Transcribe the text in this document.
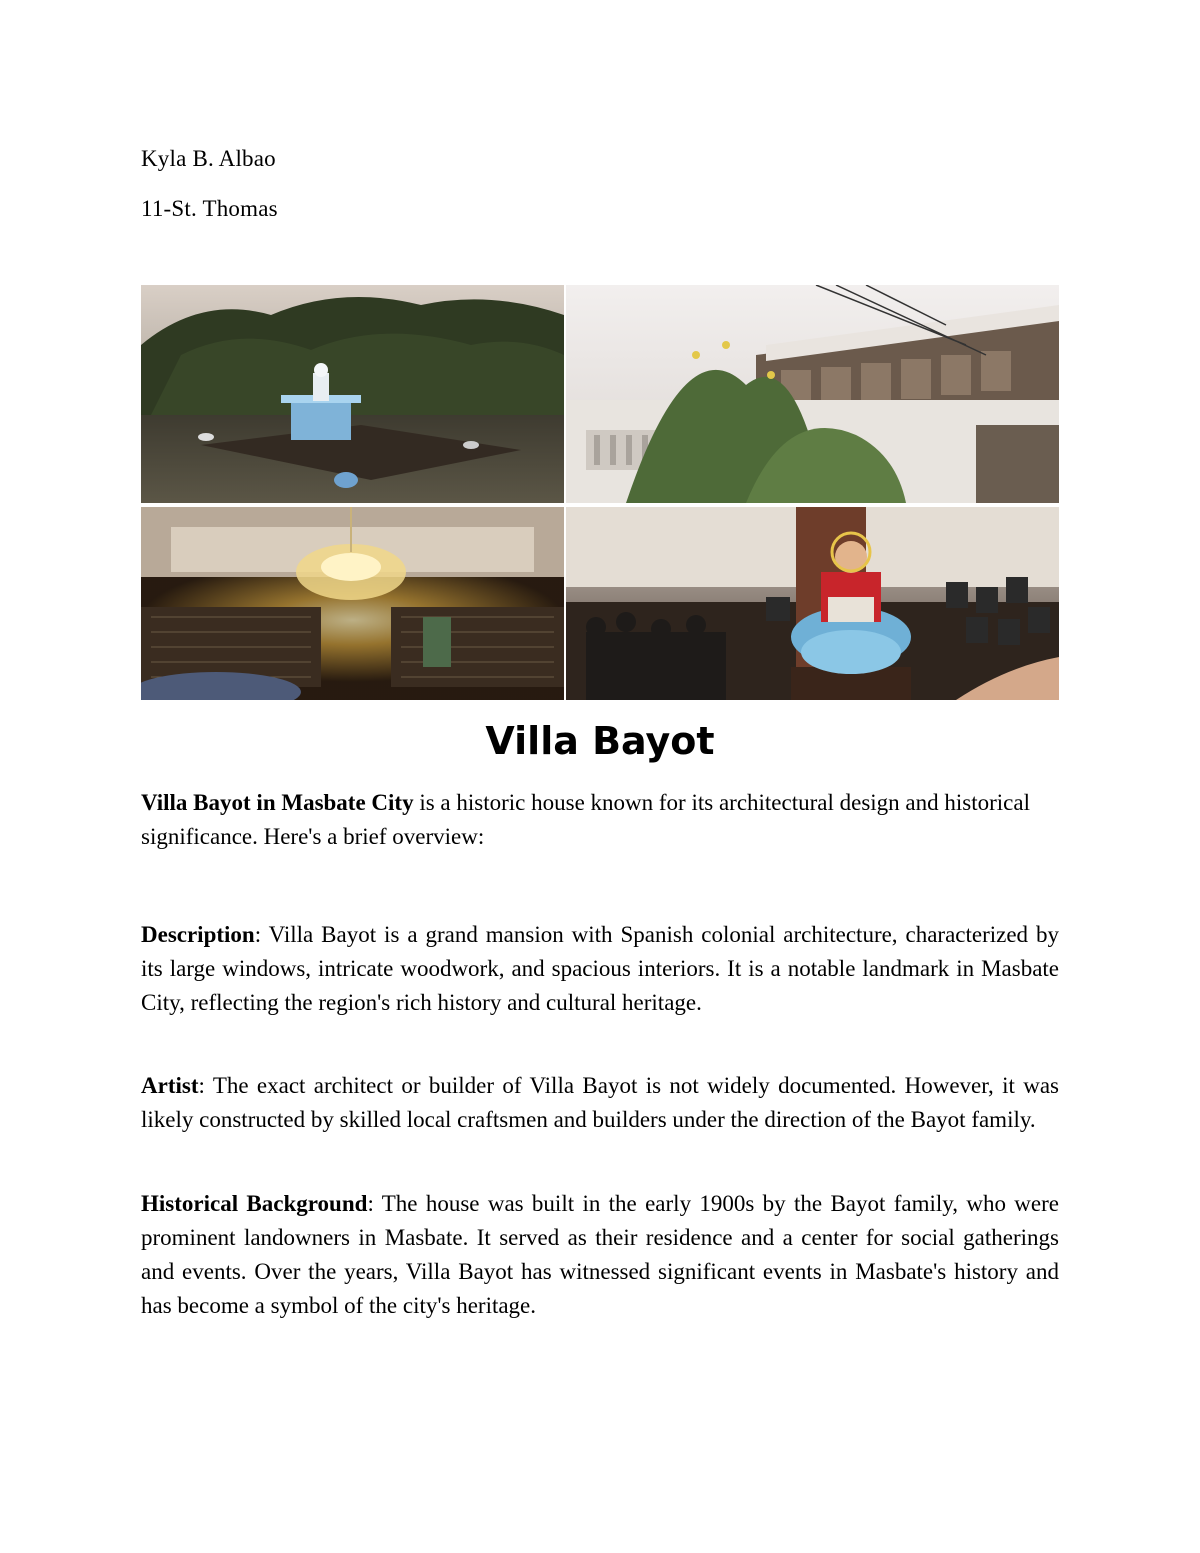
Kyla B. Albao
11-St. Thomas
Villa Bayot

Villa Bayot in Masbate City is a historic house known for its architectural design and historical significance. Here's a brief overview:

Description: Villa Bayot is a grand mansion with Spanish colonial architecture, characterized by its large windows, intricate woodwork, and spacious interiors. It is a notable landmark in Masbate City, reflecting the region's rich history and cultural heritage.

Artist: The exact architect or builder of Villa Bayot is not widely documented. However, it was likely constructed by skilled local craftsmen and builders under the direction of the Bayot family.

Historical Background: The house was built in the early 1900s by the Bayot family, who were prominent landowners in Masbate. It served as their residence and a center for social gatherings and events. Over the years, Villa Bayot has witnessed significant events in Masbate's history and has become a symbol of the city's heritage.
